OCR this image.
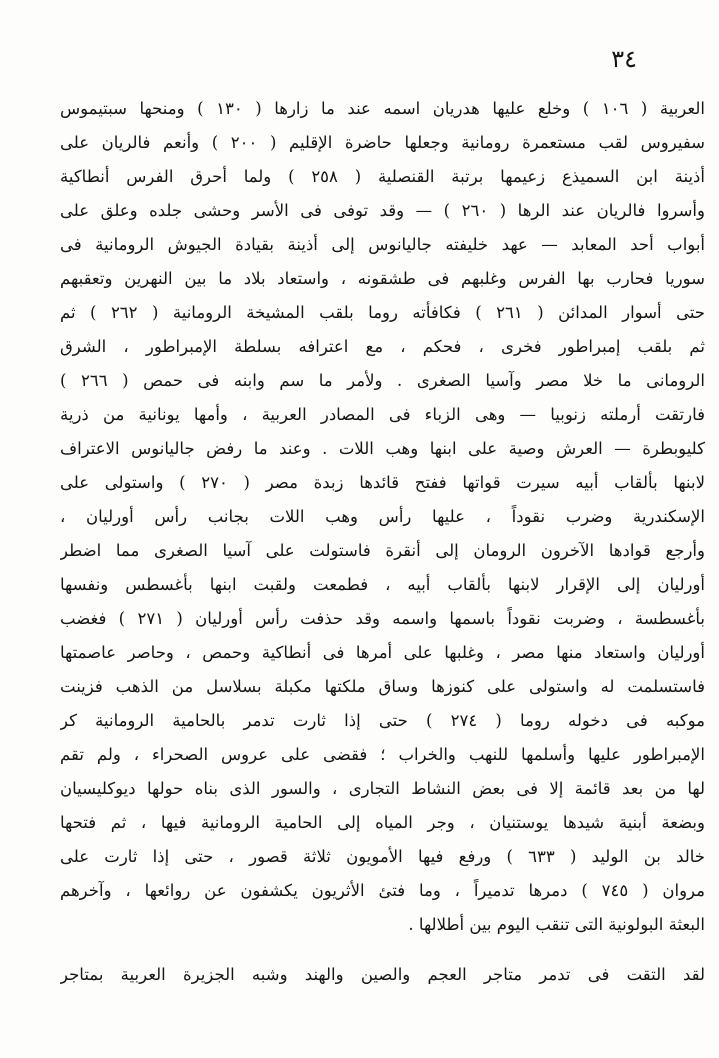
٣٤
العربية ( ١٠٦ ) وخلع عليها هدريان اسمه عند ما زارها ( ١٣٠ ) ومنحها سبتيموس
سفيروس لقب مستعمرة رومانية وجعلها حاضرة الإقليم ( ٢٠٠ ) وأنعم فالريان على
أذينة ابن السميذع زعيمها برتبة القنصلية ( ٢٥٨ ) ولما أحرق الفرس أنطاكية
وأسروا فالريان عند الرها ( ٢٦٠ ) — وقد توفى فى الأسر وحشى جلده وعلق على
أبواب أحد المعابد — عهد خليفته جاليانوس إلى أذينة بقيادة الجيوش الرومانية فى
سوريا فحارب بها الفرس وغلبهم فى طشقونه ، واستعاد بلاد ما بين النهرين وتعقبهم
حتى أسوار المدائن ( ٢٦١ ) فكافأته روما بلقب المشيخة الرومانية ( ٢٦٢ ) ثم
ثم بلقب إمبراطور فخرى ، فحكم ، مع اعترافه بسلطة الإمبراطور ، الشرق
الرومانى ما خلا مصر وآسيا الصغرى . ولأمر ما سم وابنه فى حمص ( ٢٦٦ )
فارتقت أرملته زنوبيا — وهى الزباء فى المصادر العربية ، وأمها يونانية من ذرية
كليوبطرة — العرش وصية على ابنها وهب اللات . وعند ما رفض جاليانوس الاعتراف
لابنها بألقاب أبيه سيرت قواتها ففتح قائدها زبدة مصر ( ٢٧٠ ) واستولى على
الإسكندرية وضرب نقوداً ، عليها رأس وهب اللات بجانب رأس أورليان ،
وأرجع قوادها الآخرون الرومان إلى أنقرة فاستولت على آسيا الصغرى مما اضطر
أورليان إلى الإقرار لابنها بألقاب أبيه ، فطمعت ولقبت ابنها بأغسطس ونفسها
بأغسطسة ، وضربت نقوداً باسمها واسمه وقد حذفت رأس أورليان ( ٢٧١ ) فغضب
أورليان واستعاد منها مصر ، وغلبها على أمرها فى أنطاكية وحمص ، وحاصر عاصمتها
فاستسلمت له واستولى على كنوزها وساق ملكتها مكبلة بسلاسل من الذهب فزينت
موكبه فى دخوله روما ( ٢٧٤ ) حتى إذا ثارت تدمر بالحامية الرومانية كر
الإمبراطور عليها وأسلمها للنهب والخراب ؛ فقضى على عروس الصحراء ، ولم تقم
لها من بعد قائمة إلا فى بعض النشاط التجارى ، والسور الذى بناه حولها ديوكليسيان
وبضعة أبنية شيدها يوستنيان ، وجر المياه إلى الحامية الرومانية فيها ، ثم فتحها
خالد بن الوليد ( ٦٣٣ ) ورفع فيها الأمويون ثلاثة قصور ، حتى إذا ثارت على
مروان ( ٧٤٥ ) دمرها تدميراً ، وما فتئ الأثريون يكشفون عن روائعها ، وآخرهم
البعثة البولونية التى تنقب اليوم بين أطلالها .
لقد التقت فى تدمر متاجر العجم والصين والهند وشبه الجزيرة العربية بمتاجر
